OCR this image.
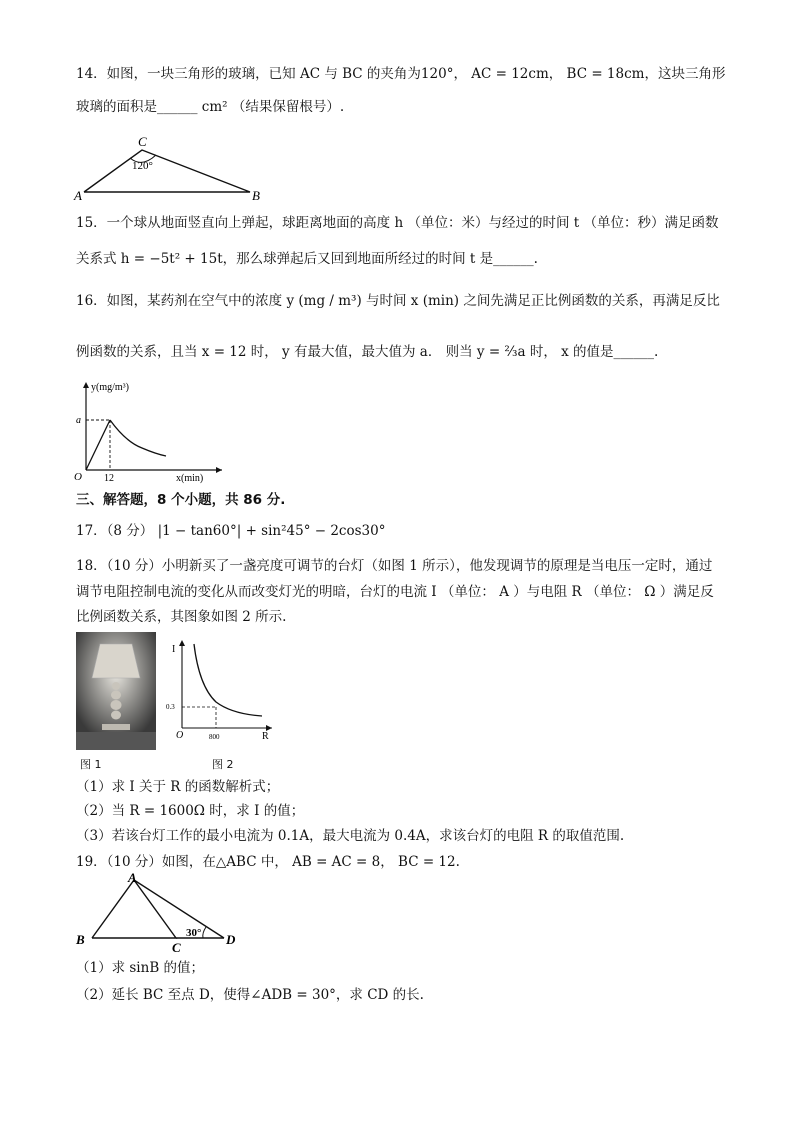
14．如图，一块三角形的玻璃，已知 AC 与 BC 的夹角为120°， AC = 12cm， BC = 18cm，这块三角形
玻璃的面积是______ cm² （结果保留根号）.
C
120°
A	B
15．一个球从地面竖直向上弹起，球距离地面的高度 h （单位：米）与经过的时间 t （单位：秒）满足函数
关系式 h = −5t² + 15t，那么球弹起后又回到地面所经过的时间 t 是______.
16．如图，某药剂在空气中的浓度 y (mg / m³) 与时间 x (min) 之间先满足正比例函数的关系，再满足反比
例函数的关系，且当 x = 12 时， y 有最大值，最大值为 a． 则当 y = ⅔a 时， x 的值是______.
y(mg/m³)
a
O 12	x(min)
三、解答题，8 个小题，共 86 分.
17．（8 分） |1 − tan60°| + sin²45° − 2cos30°
18．（10 分）小明新买了一盏亮度可调节的台灯（如图 1 所示），他发现调节的原理是当电压一定时，通过
调节电阻控制电流的变化从而改变灯光的明暗，台灯的电流 I （单位： A ）与电阻 R （单位： Ω ）满足反
比例函数关系，其图象如图 2 所示.
I
0.3
O	800	R
图 1	图 2
（1）求 I 关于 R 的函数解析式；
（2）当 R = 1600Ω 时，求 I 的值；
（3）若该台灯工作的最小电流为 0.1A，最大电流为 0.4A，求该台灯的电阻 R 的取值范围.
19．（10 分）如图，在△ABC 中， AB = AC = 8， BC = 12.
A
B
C
D
30°
（1）求 sinB 的值；
（2）延长 BC 至点 D，使得∠ADB = 30°，求 CD 的长.
